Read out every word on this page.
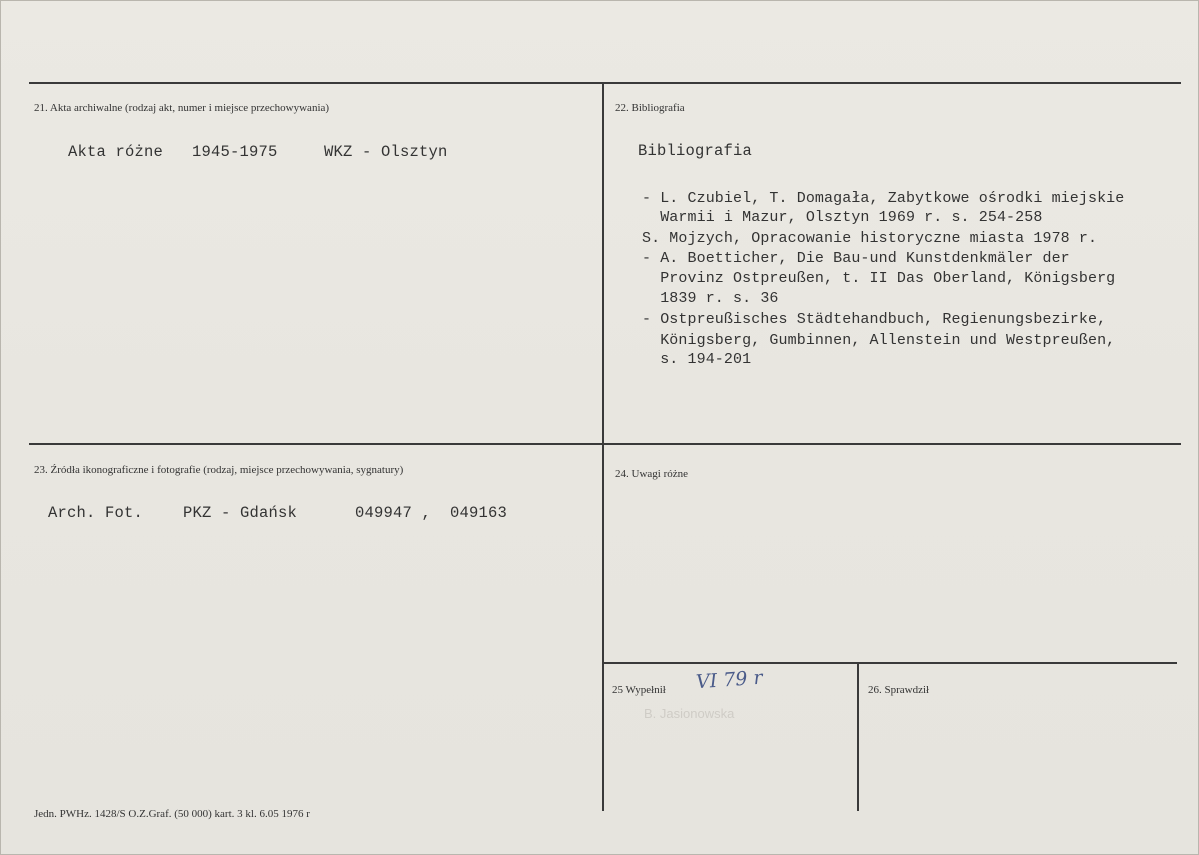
21. Akta archiwalne (rodzaj akt, numer i miejsce przechowywania)
Akta różne 1945-1975	WKZ - Olsztyn
22. Bibliografia
Bibliografia
- L. Czubiel, T. Domagała, Zabytkowe ośrodki miejskie
Warmii i Mazur, Olsztyn 1969 r. s. 254-258
S. Mojzych, Opracowanie historyczne miasta 1978 r.
- A. Boetticher, Die Bau-und Kunstdenkmäler der
Provinz Ostpreußen, t. II Das Oberland, Königsberg
1839 r. s. 36
- Ostpreußisches Städtehandbuch, Regienungsbezirke,
Königsberg, Gumbinnen, Allenstein und Westpreußen,
s. 194-201
23. Źródła ikonograficzne i fotografie (rodzaj, miejsce przechowywania, sygnatury)
Arch. Fot.	PKZ - Gdańsk	049947 ,  049163
24. Uwagi różne
25 Wypełnił VI 79 r
B. Jasionowska
26. Sprawdził
Jedn. PWHz. 1428/S O.Z.Graf. (50 000) kart. 3 kl. 6.05 1976 r
